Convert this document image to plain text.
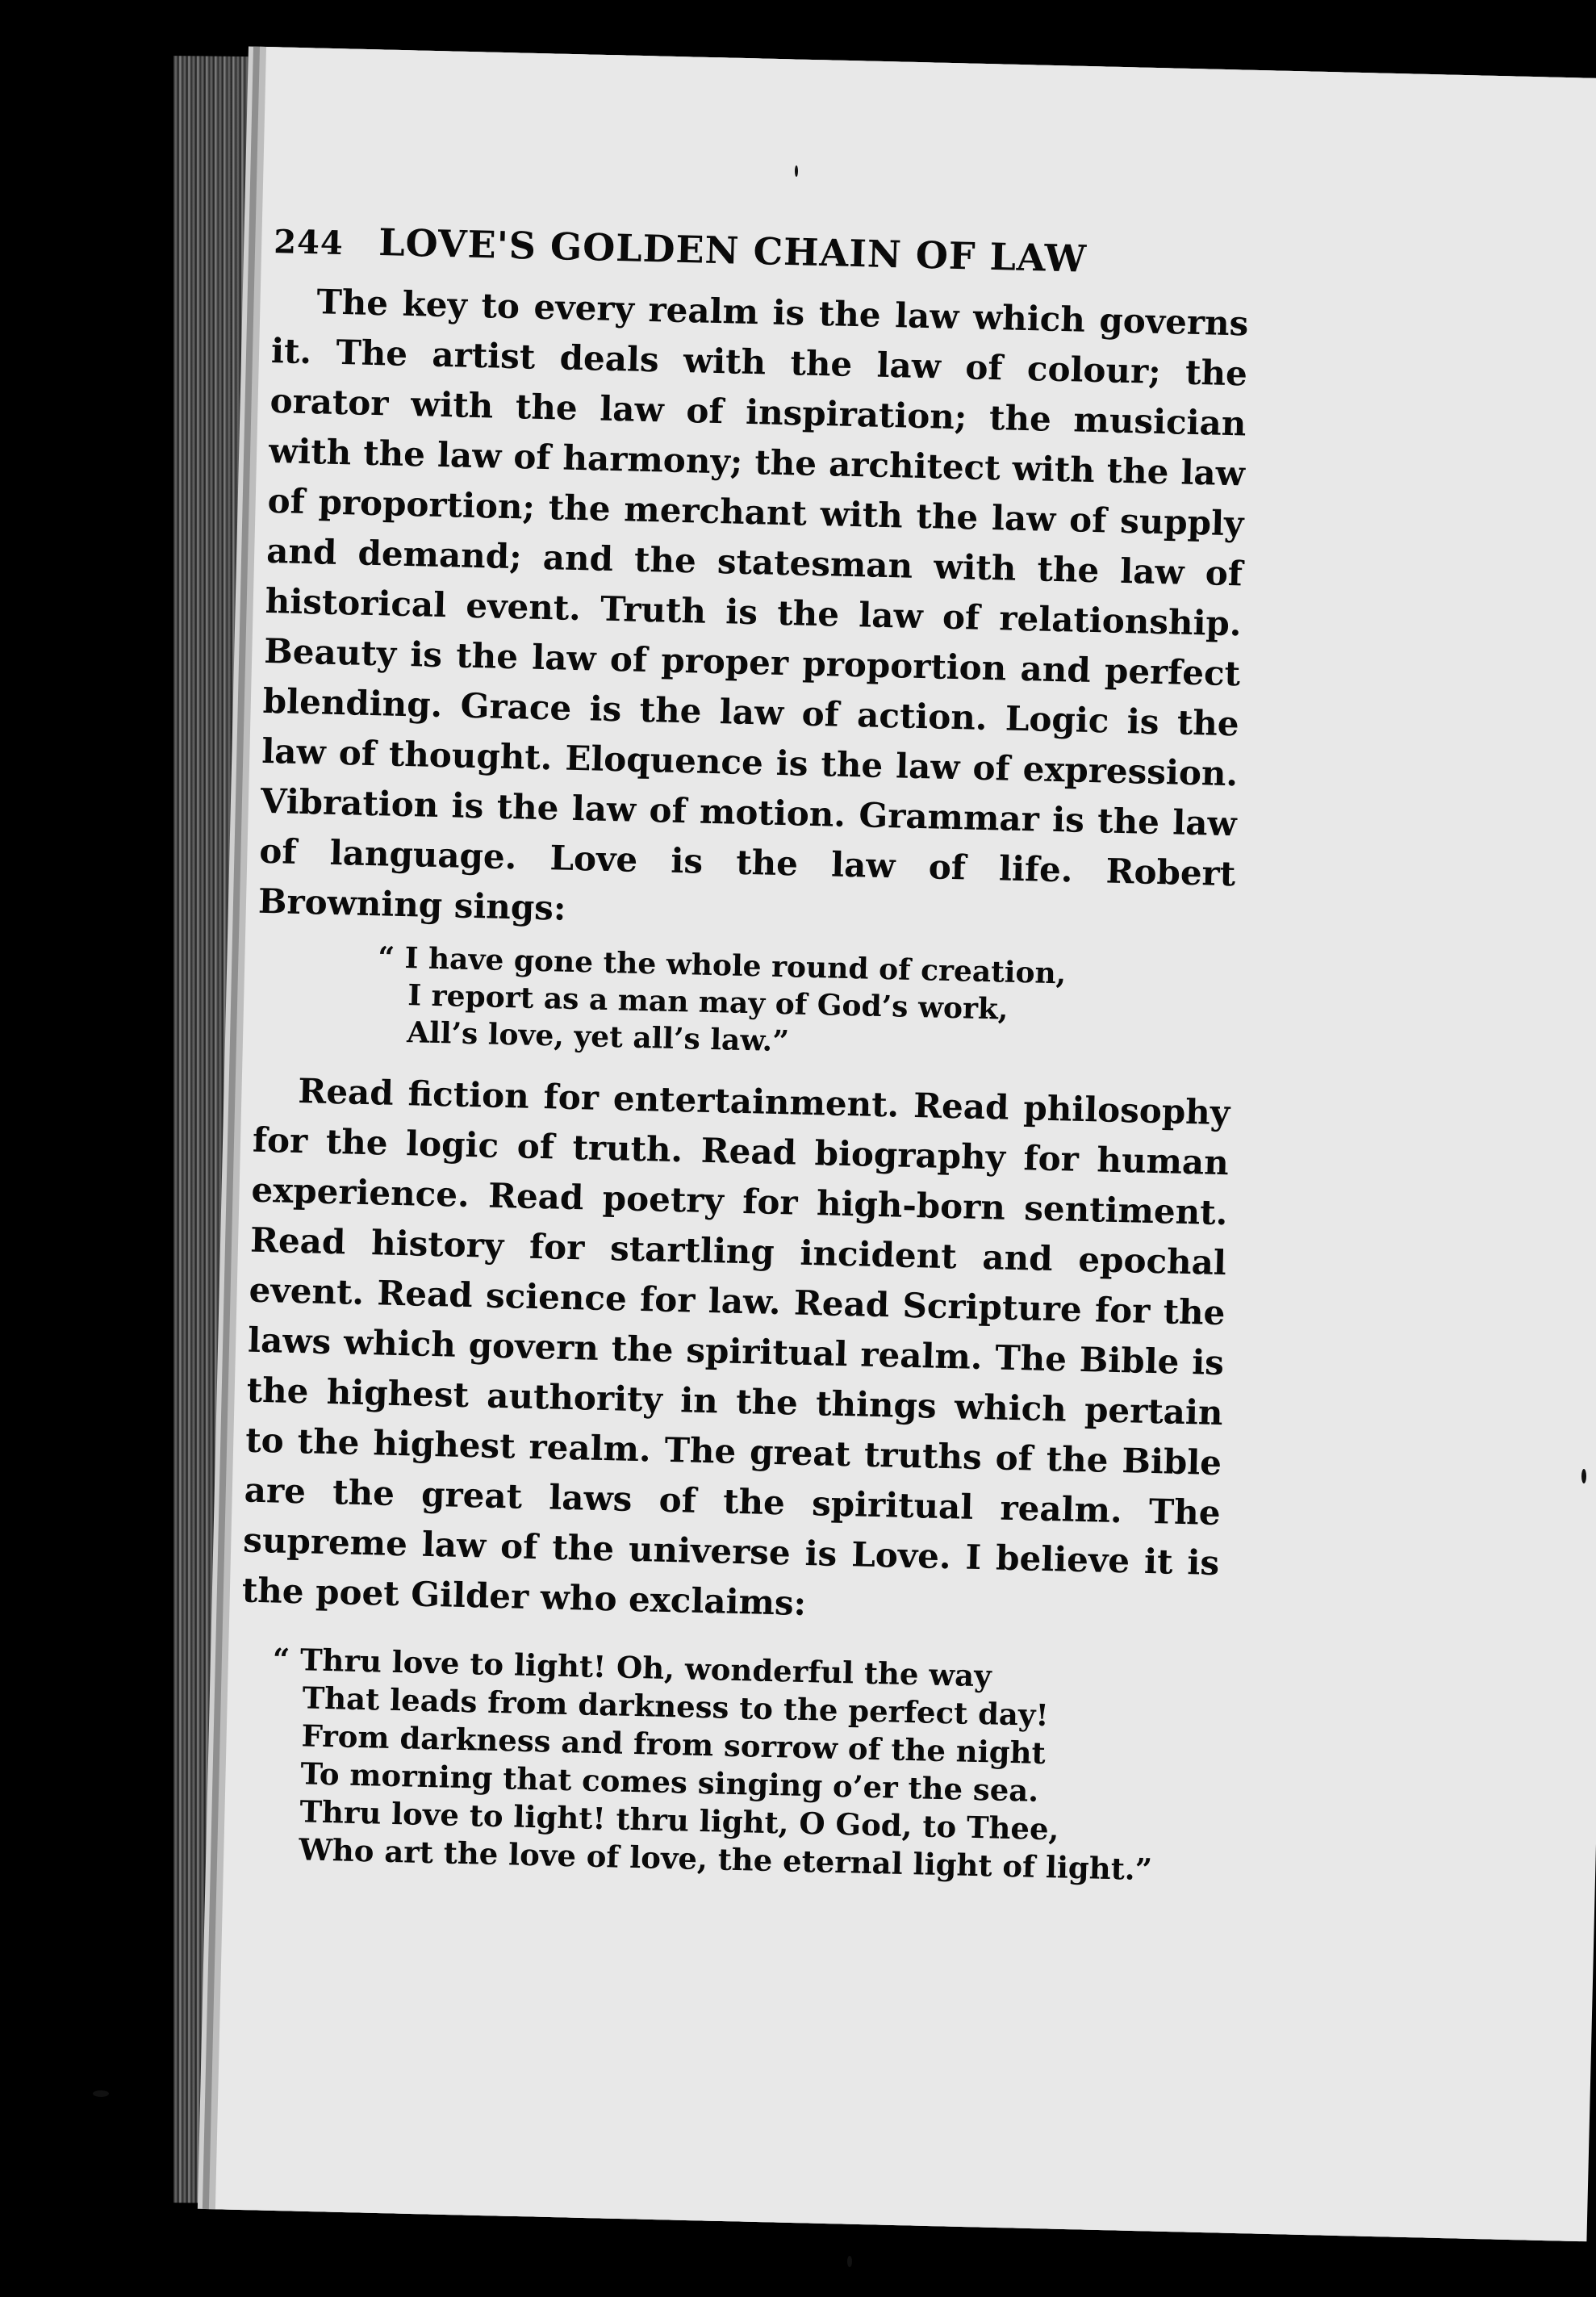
244 LOVE'S GOLDEN CHAIN OF LAW

The key to every realm is the law which governs it. The artist deals with the law of colour; the orator with the law of inspiration; the musician with the law of harmony; the architect with the law of proportion; the merchant with the law of supply and demand; and the statesman with the law of historical event. Truth is the law of relationship. Beauty is the law of proper proportion and perfect blending. Grace is the law of action. Logic is the law of thought. Eloquence is the law of expression. Vibration is the law of motion. Grammar is the law of language. Love is the law of life. Robert Browning sings:

“ I have gone the whole round of creation,
I report as a man may of God’s work,
All’s love, yet all’s law.”

Read fiction for entertainment. Read philosophy for the logic of truth. Read biography for human experience. Read poetry for high-born sentiment. Read history for startling incident and epochal event. Read science for law. Read Scripture for the laws which govern the spiritual realm. The Bible is the highest authority in the things which pertain to the highest realm. The great truths of the Bible are the great laws of the spiritual realm. The supreme law of the universe is Love. I believe it is the poet Gilder who exclaims:

“ Thru love to light! Oh, wonderful the way
That leads from darkness to the perfect day!
From darkness and from sorrow of the night
To morning that comes singing o’er the sea.
Thru love to light! thru light, O God, to Thee,
Who art the love of love, the eternal light of light.”
